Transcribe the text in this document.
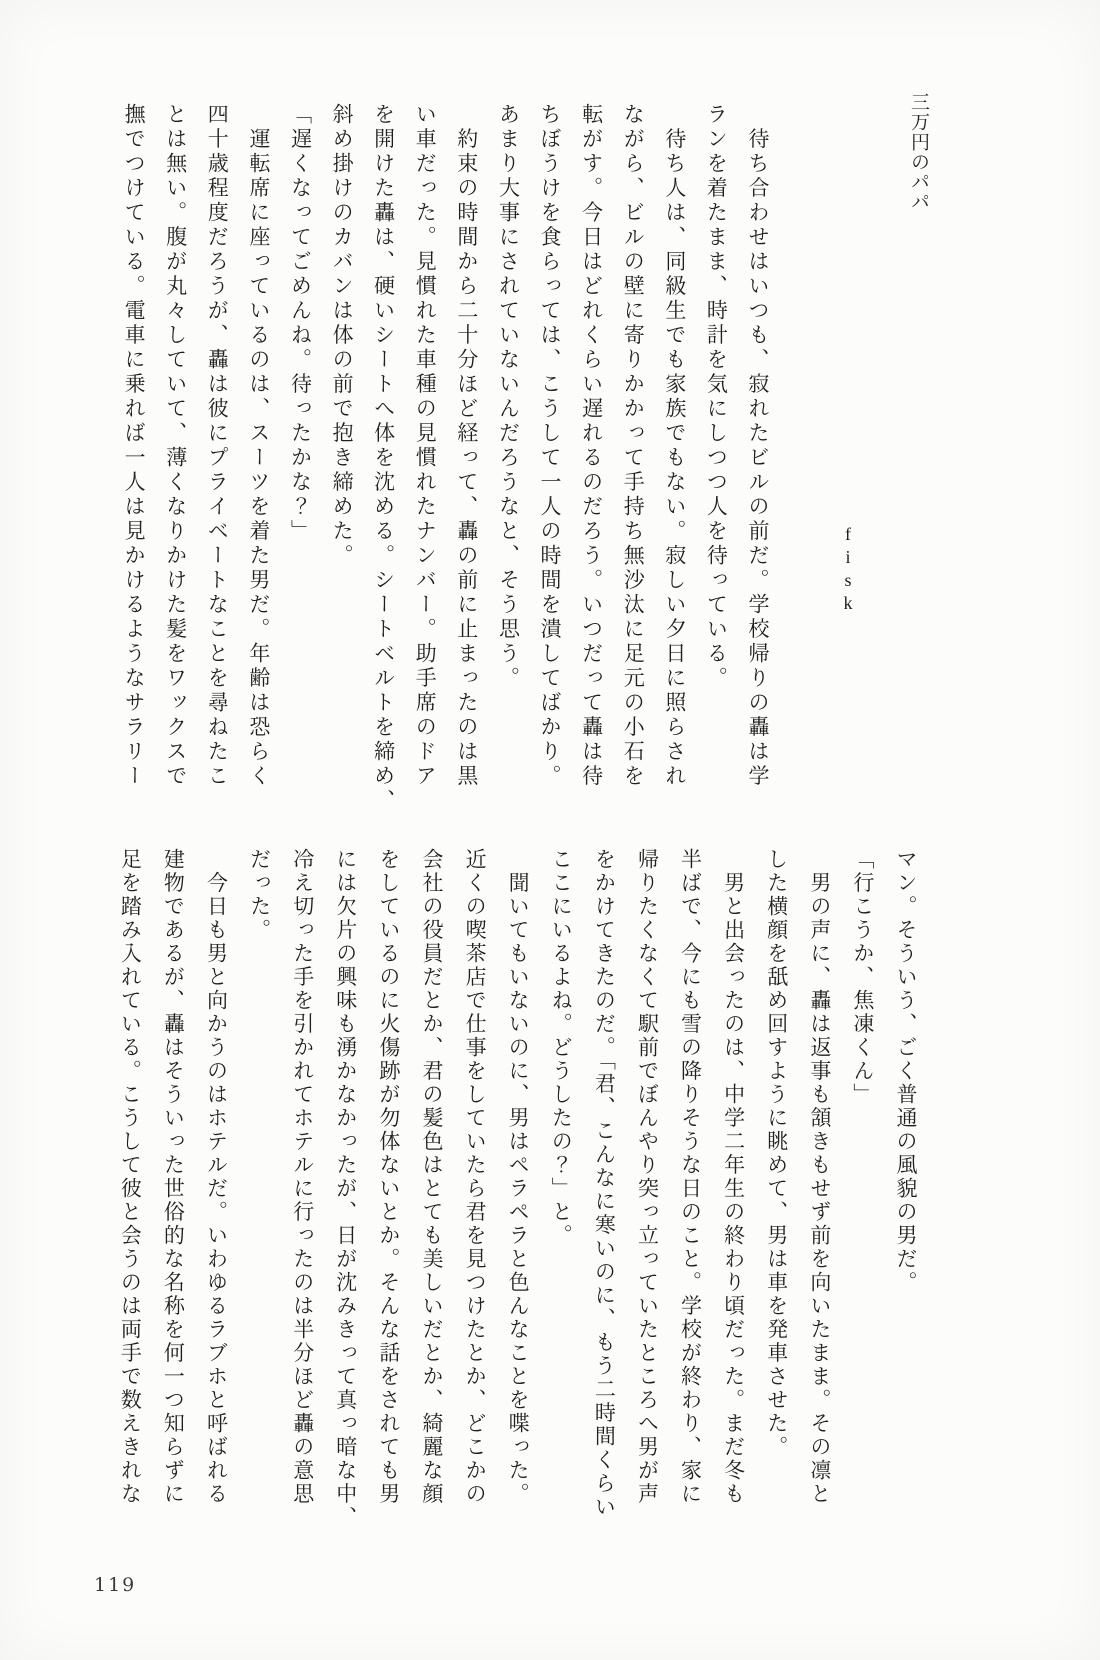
三万円のパパ
fisk

　待ち合わせはいつも、寂れたビルの前だ。学校帰りの轟は学

ランを着たまま、時計を気にしつつ人を待っている。

　待ち人は、同級生でも家族でもない。寂しい夕日に照らされ

ながら、ビルの壁に寄りかかって手持ち無沙汰に足元の小石を

転がす。今日はどれくらい遅れるのだろう。いつだって轟は待

ちぼうけを食らっては、こうして一人の時間を潰してばかり。

あまり大事にされていないんだろうなと、そう思う。

　約束の時間から二十分ほど経って、轟の前に止まったのは黒

い車だった。見慣れた車種の見慣れたナンバー。助手席のドア

を開けた轟は、硬いシートへ体を沈める。シートベルトを締め、

斜め掛けのカバンは体の前で抱き締めた。

「遅くなってごめんね。待ったかな？」

　運転席に座っているのは、スーツを着た男だ。年齢は恐らく

四十歳程度だろうが、轟は彼にプライベートなことを尋ねたこ

とは無い。腹が丸々していて、薄くなりかけた髪をワックスで

撫でつけている。電車に乗れば一人は見かけるようなサラリー

マン。そういう、ごく普通の風貌の男だ。

「行こうか、焦凍くん」

　男の声に、轟は返事も頷きもせず前を向いたまま。その凛と

した横顔を舐め回すように眺めて、男は車を発車させた。

　男と出会ったのは、中学二年生の終わり頃だった。まだ冬も

半ばで、今にも雪の降りそうな日のこと。学校が終わり、家に

帰りたくなくて駅前でぼんやり突っ立っていたところへ男が声

をかけてきたのだ。「君、こんなに寒いのに、もう二時間くらい

ここにいるよね。どうしたの？」と。

　聞いてもいないのに、男はペラペラと色んなことを喋った。

近くの喫茶店で仕事をしていたら君を見つけたとか、どこかの

会社の役員だとか、君の髪色はとても美しいだとか、綺麗な顔

をしているのに火傷跡が勿体ないとか。そんな話をされても男

には欠片の興味も湧かなかったが、日が沈みきって真っ暗な中、

冷え切った手を引かれてホテルに行ったのは半分ほど轟の意思

だった。

　今日も男と向かうのはホテルだ。いわゆるラブホと呼ばれる

建物であるが、轟はそういった世俗的な名称を何一つ知らずに

足を踏み入れている。こうして彼と会うのは両手で数えきれな

119
